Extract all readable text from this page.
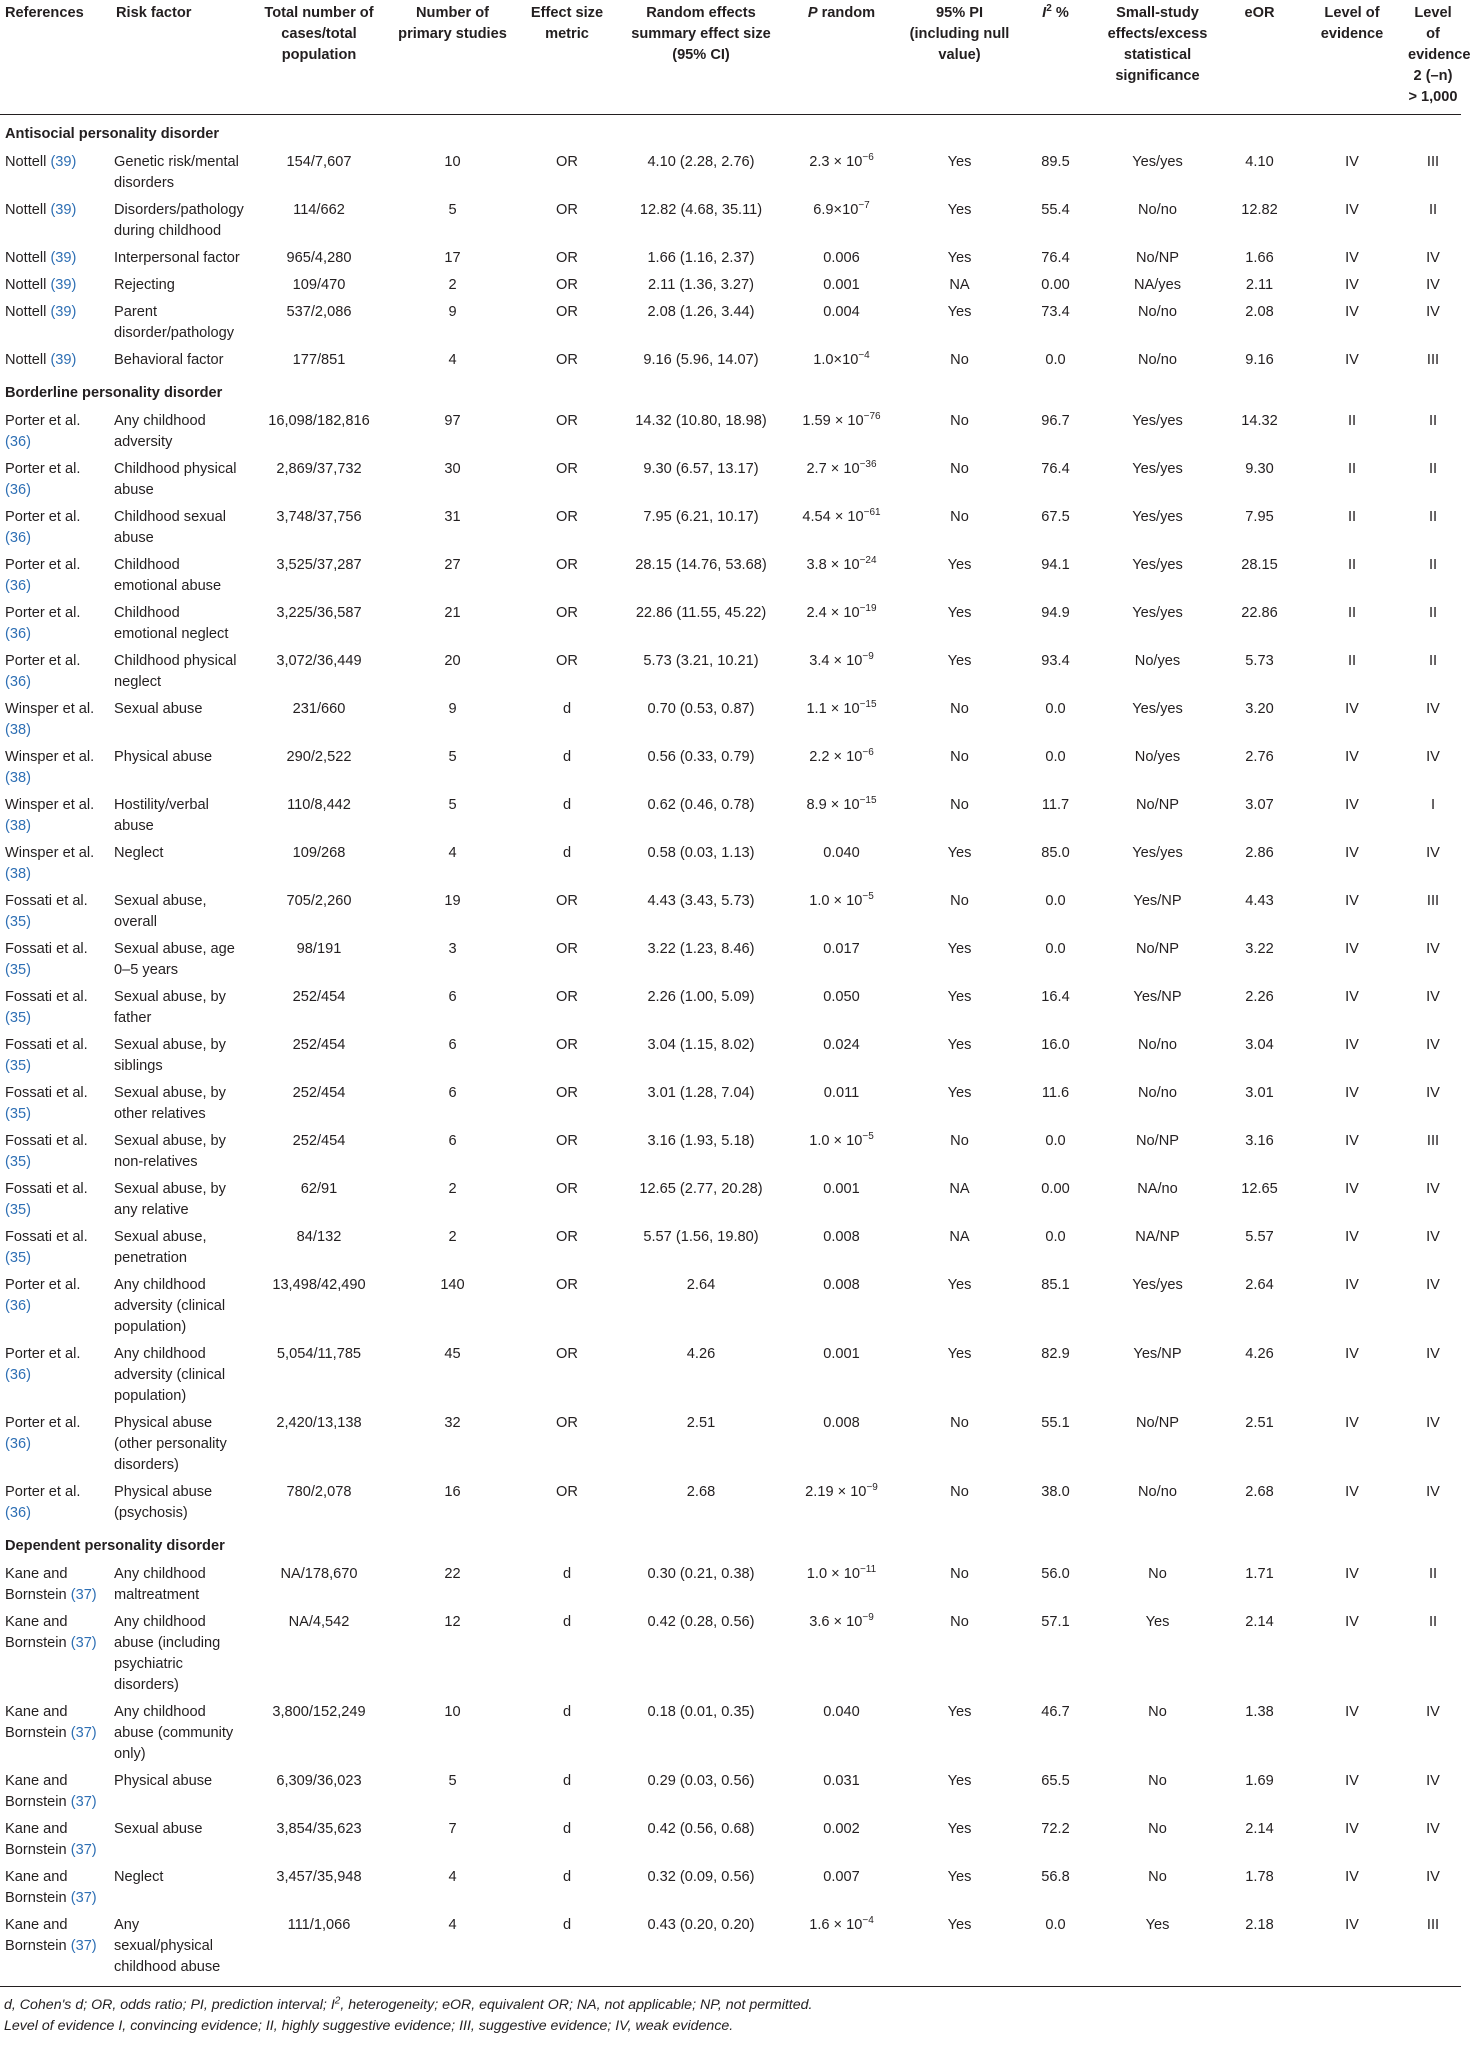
References	Risk factor	Total number of cases/total population	Number of primary studies	Effect size metric	Random effects summary effect size (95% CI)	P random	95% PI (including null value)	$I^2$ %	Small-study effects/excess statistical significance	eOR	Level of evidence	Level of evidence 2 (–n) > 1,000
Antisocial personality disorder												
Nottell (39)	Genetic risk/mental disorders	154/7,607	10	OR	4.10 (2.28, 2.76)	$2.3 \times 10^{-6}$	Yes	89.5	Yes/yes	4.10	IV	III
Nottell (39)	Disorders/pathology during childhood	114/662	5	OR	12.82 (4.68, 35.11)	$6.9\times 10^{-7}$	Yes	55.4	No/no	12.82	IV	II
Nottell (39)	Interpersonal factor	965/4,280	17	OR	1.66 (1.16, 2.37)	0.006	Yes	76.4	No/NP	1.66	IV	IV
Nottell (39)	Rejecting	109/470	2	OR	2.11 (1.36, 3.27)	0.001	NA	0.00	NA/yes	2.11	IV	IV
Nottell (39)	Parent disorder/pathology	537/2,086	9	OR	2.08 (1.26, 3.44)	0.004	Yes	73.4	No/no	2.08	IV	IV
Nottell (39)	Behavioral factor	177/851	4	OR	9.16 (5.96, 14.07)	$1.0\times 10^{-4}$	No	0.0	No/no	9.16	IV	III
Borderline personality disorder												
Porter et al. (36)	Any childhood adversity	16,098/182,816	97	OR	14.32 (10.80, 18.98)	$1.59 \times 10^{-76}$	No	96.7	Yes/yes	14.32	II	II
Porter et al. (36)	Childhood physical abuse	2,869/37,732	30	OR	9.30 (6.57, 13.17)	$2.7 \times 10^{-36}$	No	76.4	Yes/yes	9.30	II	II
Porter et al. (36)	Childhood sexual abuse	3,748/37,756	31	OR	7.95 (6.21, 10.17)	$4.54 \times 10^{-61}$	No	67.5	Yes/yes	7.95	II	II
Porter et al. (36)	Childhood emotional abuse	3,525/37,287	27	OR	28.15 (14.76, 53.68)	$3.8 \times 10^{-24}$	Yes	94.1	Yes/yes	28.15	II	II
Porter et al. (36)	Childhood emotional neglect	3,225/36,587	21	OR	22.86 (11.55, 45.22)	$2.4 \times 10^{-19}$	Yes	94.9	Yes/yes	22.86	II	II
Porter et al. (36)	Childhood physical neglect	3,072/36,449	20	OR	5.73 (3.21, 10.21)	$3.4 \times 10^{-9}$	Yes	93.4	No/yes	5.73	II	II
Winsper et al. (38)	Sexual abuse	231/660	9	d	0.70 (0.53, 0.87)	$1.1 \times 10^{-15}$	No	0.0	Yes/yes	3.20	IV	IV
Winsper et al. (38)	Physical abuse	290/2,522	5	d	0.56 (0.33, 0.79)	$2.2 \times 10^{-6}$	No	0.0	No/yes	2.76	IV	IV
Winsper et al. (38)	Hostility/verbal abuse	110/8,442	5	d	0.62 (0.46, 0.78)	$8.9 \times 10^{-15}$	No	11.7	No/NP	3.07	IV	I
Winsper et al. (38)	Neglect	109/268	4	d	0.58 (0.03, 1.13)	0.040	Yes	85.0	Yes/yes	2.86	IV	IV
Fossati et al. (35)	Sexual abuse, overall	705/2,260	19	OR	4.43 (3.43, 5.73)	$1.0 \times 10^{-5}$	No	0.0	Yes/NP	4.43	IV	III
Fossati et al. (35)	Sexual abuse, age 0–5 years	98/191	3	OR	3.22 (1.23, 8.46)	0.017	Yes	0.0	No/NP	3.22	IV	IV
Fossati et al. (35)	Sexual abuse, by father	252/454	6	OR	2.26 (1.00, 5.09)	0.050	Yes	16.4	Yes/NP	2.26	IV	IV
Fossati et al. (35)	Sexual abuse, by siblings	252/454	6	OR	3.04 (1.15, 8.02)	0.024	Yes	16.0	No/no	3.04	IV	IV
Fossati et al. (35)	Sexual abuse, by other relatives	252/454	6	OR	3.01 (1.28, 7.04)	0.011	Yes	11.6	No/no	3.01	IV	IV
Fossati et al. (35)	Sexual abuse, by non-relatives	252/454	6	OR	3.16 (1.93, 5.18)	$1.0 \times 10^{-5}$	No	0.0	No/NP	3.16	IV	III
Fossati et al. (35)	Sexual abuse, by any relative	62/91	2	OR	12.65 (2.77, 20.28)	0.001	NA	0.00	NA/no	12.65	IV	IV
Fossati et al. (35)	Sexual abuse, penetration	84/132	2	OR	5.57 (1.56, 19.80)	0.008	NA	0.0	NA/NP	5.57	IV	IV
Porter et al. (36)	Any childhood adversity (clinical population)	13,498/42,490	140	OR	2.64	0.008	Yes	85.1	Yes/yes	2.64	IV	IV
Porter et al. (36)	Any childhood adversity (clinical population)	5,054/11,785	45	OR	4.26	0.001	Yes	82.9	Yes/NP	4.26	IV	IV
Porter et al. (36)	Physical abuse (other personality disorders)	2,420/13,138	32	OR	2.51	0.008	No	55.1	No/NP	2.51	IV	IV
Porter et al. (36)	Physical abuse (psychosis)	780/2,078	16	OR	2.68	$2.19 \times 10^{-9}$	No	38.0	No/no	2.68	IV	IV
Dependent personality disorder												
Kane and Bornstein (37)	Any childhood maltreatment	NA/178,670	22	d	0.30 (0.21, 0.38)	$1.0 \times 10^{-11}$	No	56.0	No	1.71	IV	II
Kane and Bornstein (37)	Any childhood abuse (including psychiatric disorders)	NA/4,542	12	d	0.42 (0.28, 0.56)	$3.6 \times 10^{-9}$	No	57.1	Yes	2.14	IV	II
Kane and Bornstein (37)	Any childhood abuse (community only)	3,800/152,249	10	d	0.18 (0.01, 0.35)	0.040	Yes	46.7	No	1.38	IV	IV
Kane and Bornstein (37)	Physical abuse	6,309/36,023	5	d	0.29 (0.03, 0.56)	0.031	Yes	65.5	No	1.69	IV	IV
Kane and Bornstein (37)	Sexual abuse	3,854/35,623	7	d	0.42 (0.56, 0.68)	0.002	Yes	72.2	No	2.14	IV	IV
Kane and Bornstein (37)	Neglect	3,457/35,948	4	d	0.32 (0.09, 0.56)	0.007	Yes	56.8	No	1.78	IV	IV
Kane and Bornstein (37)	Any sexual/physical childhood abuse	111/1,066	4	d	0.43 (0.20, 0.20)	$1.6 \times 10^{-4}$	Yes	0.0	Yes	2.18	IV	III
d, Cohen's d; OR, odds ratio; PI, prediction interval; $I^2$, heterogeneity; eOR, equivalent OR; NA, not applicable; NP, not permitted.
Level of evidence I, convincing evidence; II, highly suggestive evidence; III, suggestive evidence; IV, weak evidence.
